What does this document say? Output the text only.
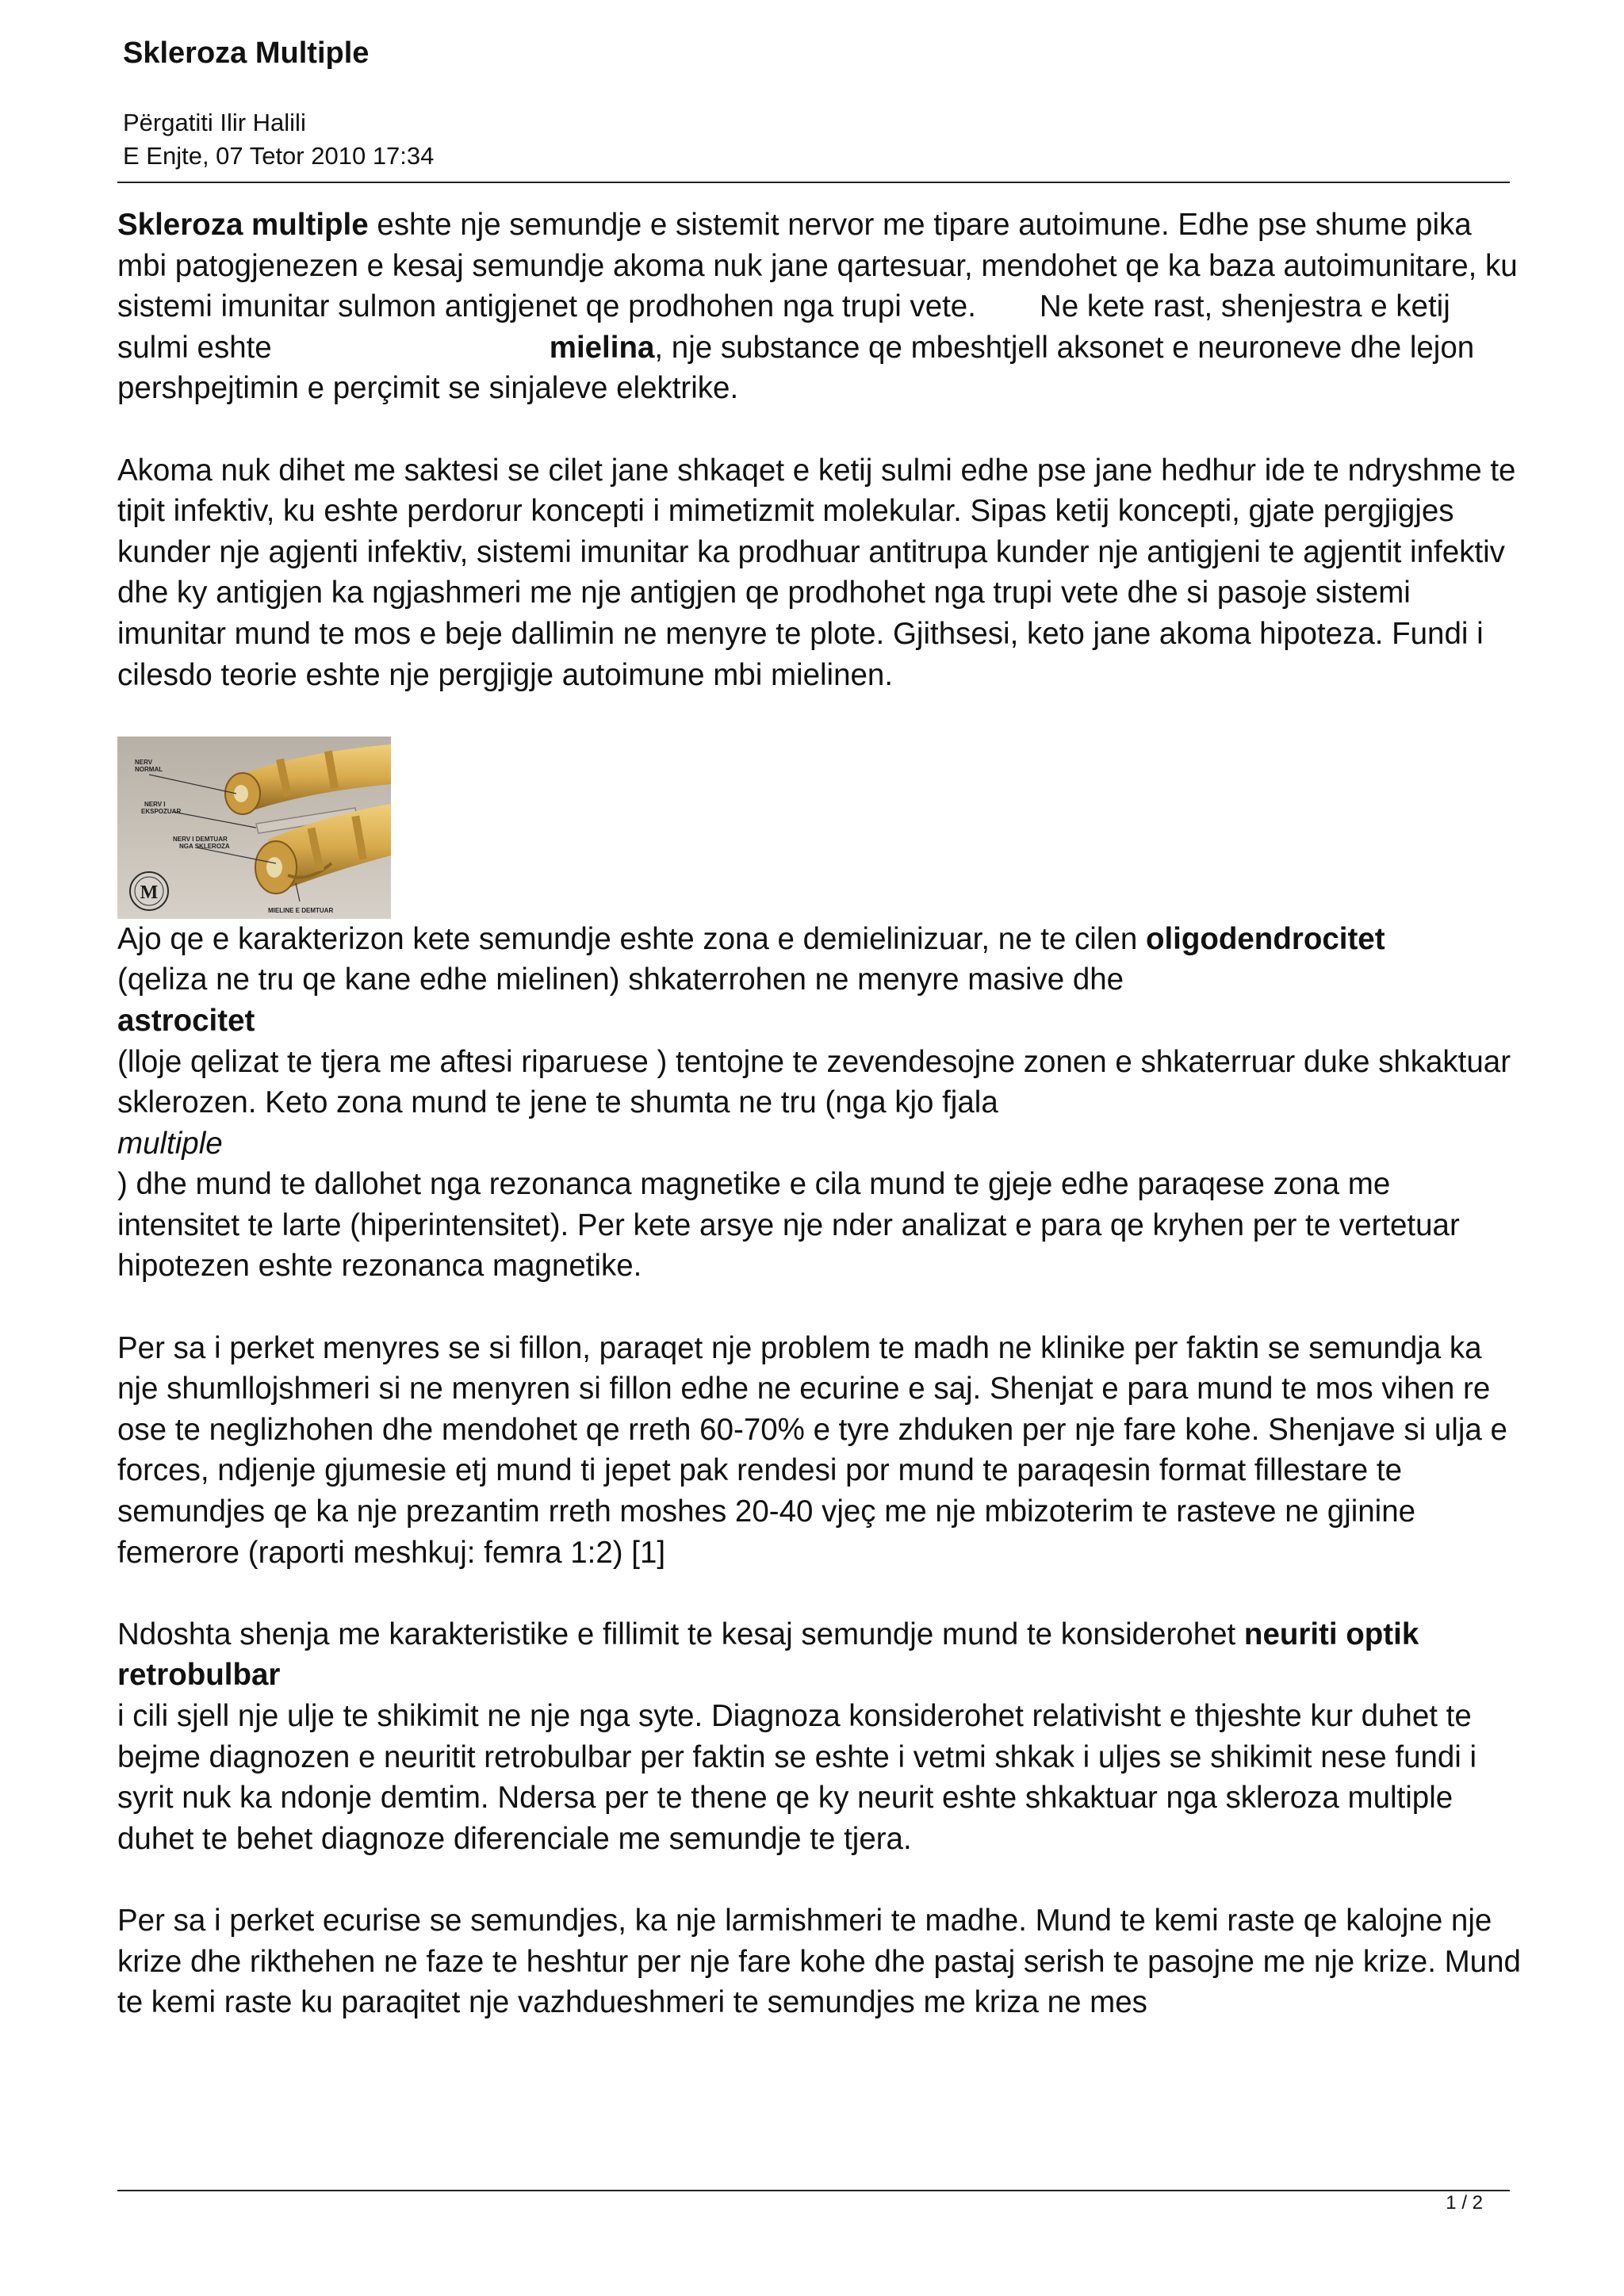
Skleroza Multiple
Përgatiti Ilir Halili
E Enjte, 07 Tetor 2010 17:34

Skleroza multiple eshte nje semundje e sistemit nervor me tipare autoimune. Edhe pse shume pika mbi patogjenezen e kesaj semundje akoma nuk jane qartesuar, mendohet qe ka baza autoimunitare, ku sistemi imunitar sulmon antigjenet qe prodhohen nga trupi vete. Ne kete rast, shenjestra e ketij sulmi eshte	mielina, nje substance qe mbeshtjell aksonet e neuroneve dhe lejon pershpejtimin e perçimit se sinjaleve elektrike.

Akoma nuk dihet me saktesi se cilet jane shkaqet e ketij sulmi edhe pse jane hedhur ide te ndryshme te tipit infektiv, ku eshte perdorur koncepti i mimetizmit molekular. Sipas ketij koncepti, gjate pergjigjes kunder nje agjenti infektiv, sistemi imunitar ka prodhuar antitrupa kunder nje antigjeni te agjentit infektiv dhe ky antigjen ka ngjashmeri me nje antigjen qe prodhohet nga trupi vete dhe si pasoje sistemi imunitar mund te mos e beje dallimin ne menyre te plote. Gjithsesi, keto jane akoma hipoteza. Fundi i cilesdo teorie eshte nje pergjigje autoimune mbi mielinen.

NERV
NORMAL
NERV I
EKSPOZUAR
NERV I DEMTUAR
NGA SKLEROZA
MIELINE E DEMTUAR
M

Ajo qe e karakterizon kete semundje eshte zona e demielinizuar, ne te cilen oligodendrocitet
(qeliza ne tru qe kane edhe mielinen) shkaterrohen ne menyre masive dhe
astrocitet
(lloje qelizat te tjera me aftesi riparuese ) tentojne te zevendesojne zonen e shkaterruar duke shkaktuar sklerozen. Keto zona mund te jene te shumta ne tru (nga kjo fjala
multiple
) dhe mund te dallohet nga rezonanca magnetike e cila mund te gjeje edhe paraqese zona me intensitet te larte (hiperintensitet). Per kete arsye nje nder analizat e para qe kryhen per te vertetuar hipotezen eshte rezonanca magnetike.

Per sa i perket menyres se si fillon, paraqet nje problem te madh ne klinike per faktin se semundja ka nje shumllojshmeri si ne menyren si fillon edhe ne ecurine e saj. Shenjat e para mund te mos vihen re ose te neglizhohen dhe mendohet qe rreth 60-70% e tyre zhduken per nje fare kohe. Shenjave si ulja e forces, ndjenje gjumesie etj mund ti jepet pak rendesi por mund te paraqesin format fillestare te semundjes qe ka nje prezantim rreth moshes 20-40 vjeç me nje mbizoterim te rasteve ne gjinine femerore (raporti meshkuj: femra 1:2) [1]

Ndoshta shenja me karakteristike e fillimit te kesaj semundje mund te konsiderohet neuriti optik retrobulbar
i cili sjell nje ulje te shikimit ne nje nga syte. Diagnoza konsiderohet relativisht e thjeshte kur duhet te bejme diagnozen e neuritit retrobulbar per faktin se eshte i vetmi shkak i uljes se shikimit nese fundi i syrit nuk ka ndonje demtim. Ndersa per te thene qe ky neurit eshte shkaktuar nga skleroza multiple duhet te behet diagnoze diferenciale me semundje te tjera.

Per sa i perket ecurise se semundjes, ka nje larmishmeri te madhe. Mund te kemi raste qe kalojne nje krize dhe rikthehen ne faze te heshtur per nje fare kohe dhe pastaj serish te pasojne me nje krize. Mund te kemi raste ku paraqitet nje vazhdueshmeri te semundjes me kriza ne mes

1 / 2
